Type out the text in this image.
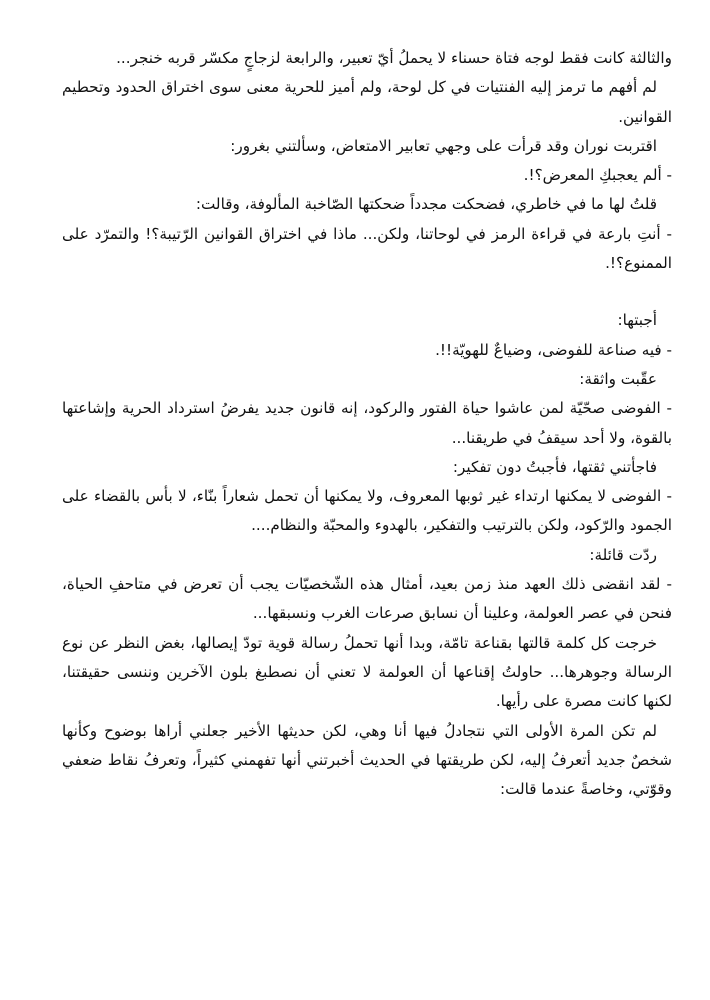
والثالثة كانت فقط لوجه فتاة حسناء لا يحملُ أيّ تعبير، والرابعة لزجاجٍ مكسّر قربه خنجر...

لم أفهم ما ترمز إليه الفنتيات في كل لوحة، ولم أميز للحرية معنى سوى اختراق الحدود وتحطيم القوانين.

اقتربت نوران وقد قرأت على وجهي تعابير الامتعاض، وسألتني بغرور:

- ألم يعجبكِ المعرض؟!.

قلتُ لها ما في خاطري، فضحكت مجدداً ضحكتها الصّاخبة المألوفة، وقالت:

- أنتِ بارعة في قراءة الرمز في لوحاتنا، ولكن... ماذا في اختراق القوانين الرّتيبة؟! والتمرّد على الممنوع؟!.

أجبتها:

- فيه صناعة للفوضى، وضياعٌ للهويّة!!.

عقّبت واثقة:

- الفوضى صحّيّة لمن عاشوا حياة الفتور والركود، إنه قانون جديد يفرضُ استرداد الحرية وإشاعتها بالقوة، ولا أحد سيقفُ في طريقنا...

فاجأتني ثقتها، فأجبتُ دون تفكير:

- الفوضى لا يمكنها ارتداء غير ثوبها المعروف، ولا يمكنها أن تحمل شعاراً بنّاء، لا بأس بالقضاء على الجمود والرّكود، ولكن بالترتيب والتفكير، بالهدوء والمحبّة والنظام....

ردّت قائلة:

- لقد انقضى ذلك العهد منذ زمن بعيد، أمثال هذه الشّخصيّات يجب أن تعرض في متاحفِ الحياة، فنحن في عصر العولمة، وعلينا أن نسابق صرعات الغرب ونسبقها...

خرجت كل كلمة قالتها بقناعة تامّة، وبدا أنها تحملُ رسالة قوية تودّ إيصالها، بغض النظر عن نوع الرسالة وجوهرها... حاولتُ إقناعها أن العولمة لا تعني أن نصطبغ بلون الآخرين وننسى حقيقتنا، لكنها كانت مصرة على رأيها.

لم تكن المرة الأولى التي نتجادلُ فيها أنا وهي، لكن حديثها الأخير جعلني أراها بوضوح وكأنها شخصٌ جديد أتعرفُ إليه، لكن طريقتها في الحديث أخبرتني أنها تفهمني كثيراً، وتعرفُ نقاط ضعفي وقوّتي، وخاصةً عندما قالت:
